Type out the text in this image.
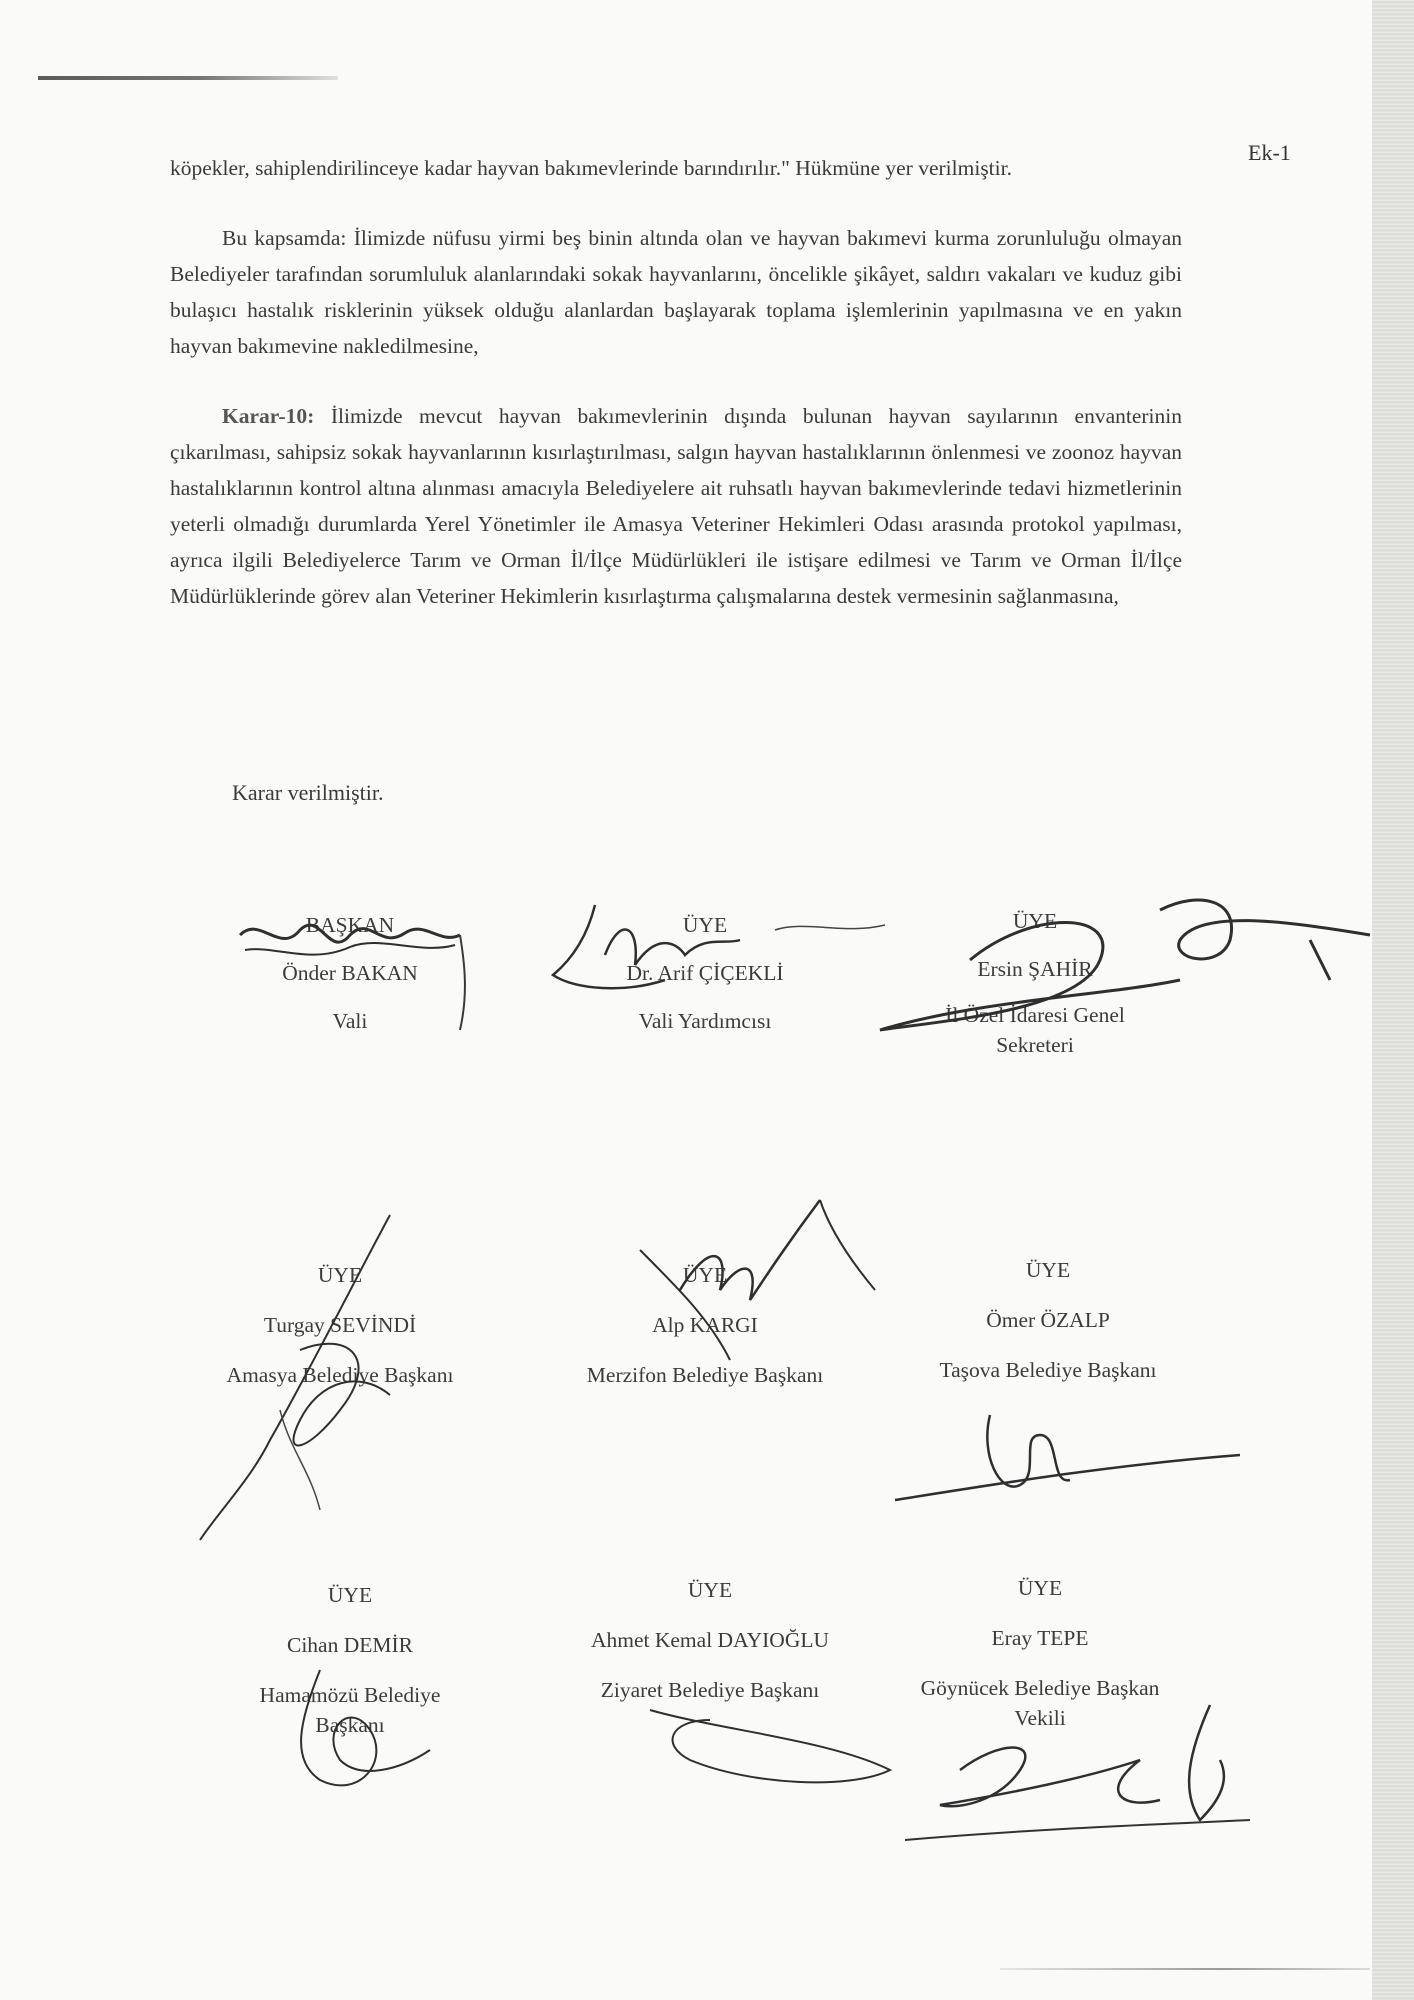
Ek-1

köpekler, sahiplendirilinceye kadar hayvan bakımevlerinde barındırılır." Hükmüne yer verilmiştir.

Bu kapsamda: İlimizde nüfusu yirmi beş binin altında olan ve hayvan bakımevi kurma zorunluluğu olmayan Belediyeler tarafından sorumluluk alanlarındaki sokak hayvanlarını, öncelikle şikâyet, saldırı vakaları ve kuduz gibi bulaşıcı hastalık risklerinin yüksek olduğu alanlardan başlayarak toplama işlemlerinin yapılmasına ve en yakın hayvan bakımevine nakledilmesine,

Karar-10: İlimizde mevcut hayvan bakımevlerinin dışında bulunan hayvan sayılarının envanterinin çıkarılması, sahipsiz sokak hayvanlarının kısırlaştırılması, salgın hayvan hastalıklarının önlenmesi ve zoonoz hayvan hastalıklarının kontrol altına alınması amacıyla Belediyelere ait ruhsatlı hayvan bakımevlerinde tedavi hizmetlerinin yeterli olmadığı durumlarda Yerel Yönetimler ile Amasya Veteriner Hekimleri Odası arasında protokol yapılması, ayrıca ilgili Belediyelerce Tarım ve Orman İl/İlçe Müdürlükleri ile istişare edilmesi ve Tarım ve Orman İl/İlçe Müdürlüklerinde görev alan Veteriner Hekimlerin kısırlaştırma çalışmalarına destek vermesinin sağlanmasına,

Karar verilmiştir.
BAŞKAN
Önder BAKAN
Vali
ÜYE
Dr. Arif ÇİÇEKLİ
Vali Yardımcısı
ÜYE
Ersin ŞAHİR
İl Özel İdaresi Genel
Sekreteri
ÜYE
Turgay SEVİNDİ
Amasya Belediye Başkanı
ÜYE
Alp KARGI
Merzifon Belediye Başkanı
ÜYE
Ömer ÖZALP
Taşova Belediye Başkanı
ÜYE
Cihan DEMİR
Hamamözü Belediye
Başkanı
ÜYE
Ahmet Kemal DAYIOĞLU
Ziyaret Belediye Başkanı
ÜYE
Eray TEPE
Göynücek Belediye Başkan
Vekili
